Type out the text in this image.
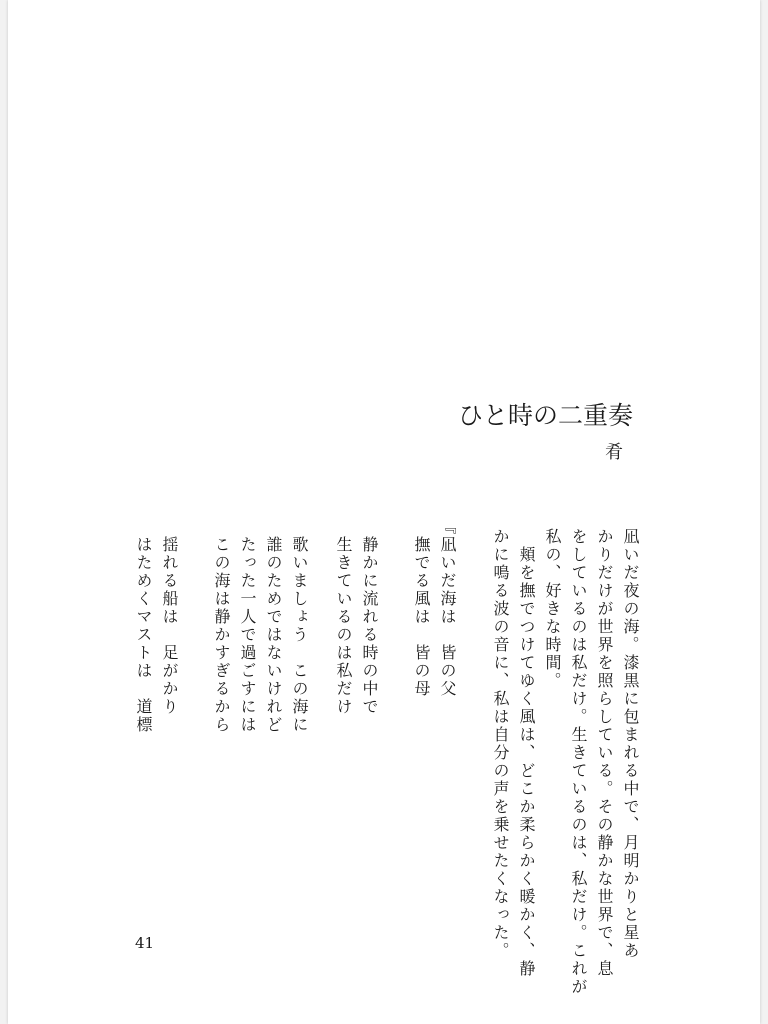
ひと時の二重奏
肴
凪いだ夜の海。漆黒に包まれる中で、月明かりと星あ
かりだけが世界を照らしている。その静かな世界で、息
をしているのは私だけ。生きているのは、私だけ。これが
私の、好きな時間。
　頬を撫でつけてゆく風は、どこか柔らかく暖かく、静
かに鳴る波の音に、私は自分の声を乗せたくなった。
『凪いだ海は　皆の父
　撫でる風は　皆の母
　静かに流れる時の中で
　生きているのは私だけ
　歌いましょう　この海に
　誰のためではないけれど
　たった一人で過ごすには
　この海は静かすぎるから
　揺れる船は　足がかり
　はためくマストは　道標
41
